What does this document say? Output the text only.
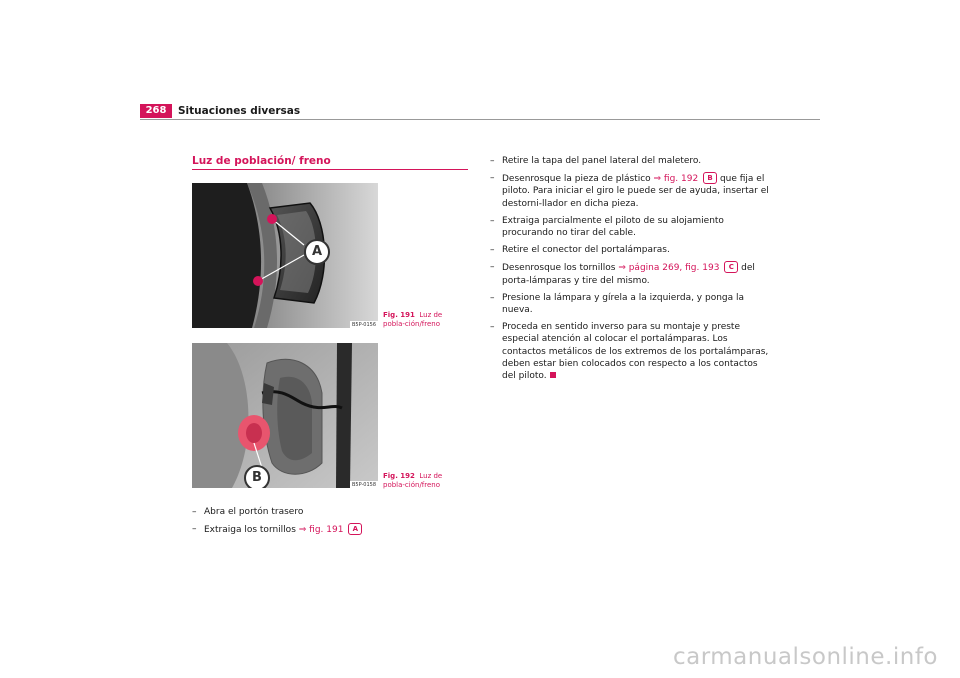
268	Situaciones diversas
Luz de población/ freno
A
B5P-0156
Fig. 191 Luz de pobla-ción/freno
B	B5P-0158
Fig. 192 Luz de pobla-ción/freno
– Abra el portón trasero
– Extraiga los tornillos ⇒ fig. 191 A
– Retire la tapa del panel lateral del maletero.
– Desenrosque la pieza de plástico ⇒ fig. 192 B que fija el piloto. Para iniciar el giro le puede ser de ayuda, insertar el destorni-llador en dicha pieza.
– Extraiga parcialmente el piloto de su alojamiento procurando no tirar del cable.
– Retire el conector del portalámparas.
– Desenrosque los tornillos ⇒ página 269, fig. 193 C del porta-lámparas y tire del mismo.
– Presione la lámpara y gírela a la izquierda, y ponga la nueva.
– Proceda en sentido inverso para su montaje y preste especial atención al colocar el portalámparas. Los contactos metálicos de los extremos de los portalámparas, deben estar bien colocados con respecto a los contactos del piloto.
carmanualsonline.info
